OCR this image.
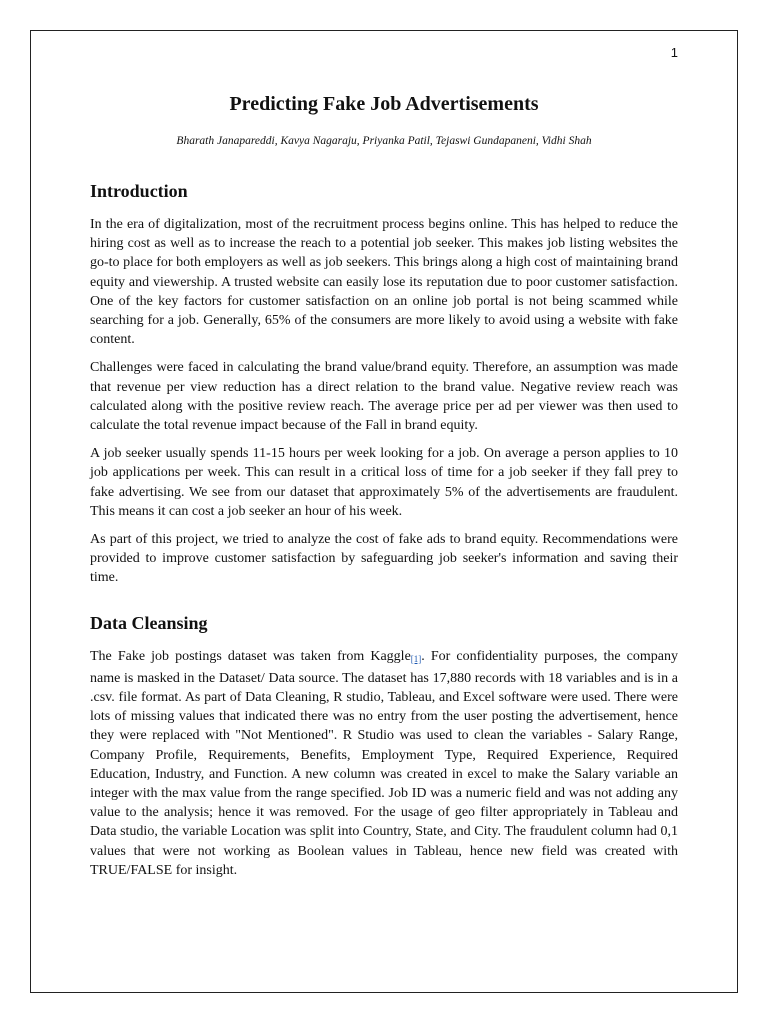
1
Predicting Fake Job Advertisements
Bharath Janapareddi, Kavya Nagaraju, Priyanka Patil, Tejaswi Gundapaneni, Vidhi Shah
Introduction

In the era of digitalization, most of the recruitment process begins online. This has helped to reduce the hiring cost as well as to increase the reach to a potential job seeker. This makes job listing websites the go-to place for both employers as well as job seekers. This brings along a high cost of maintaining brand equity and viewership. A trusted website can easily lose its reputation due to poor customer satisfaction. One of the key factors for customer satisfaction on an online job portal is not being scammed while searching for a job. Generally, 65% of the consumers are more likely to avoid using a website with fake content.

Challenges were faced in calculating the brand value/brand equity. Therefore, an assumption was made that revenue per view reduction has a direct relation to the brand value. Negative review reach was calculated along with the positive review reach. The average price per ad per viewer was then used to calculate the total revenue impact because of the Fall in brand equity.

A job seeker usually spends 11-15 hours per week looking for a job. On average a person applies to 10 job applications per week. This can result in a critical loss of time for a job seeker if they fall prey to fake advertising. We see from our dataset that approximately 5% of the advertisements are fraudulent. This means it can cost a job seeker an hour of his week.

As part of this project, we tried to analyze the cost of fake ads to brand equity. Recommendations were provided to improve customer satisfaction by safeguarding job seeker's information and saving their time.

Data Cleansing

The Fake job postings dataset was taken from Kaggle[1]. For confidentiality purposes, the company name is masked in the Dataset/ Data source. The dataset has 17,880 records with 18 variables and is in a .csv. file format. As part of Data Cleaning, R studio, Tableau, and Excel software were used. There were lots of missing values that indicated there was no entry from the user posting the advertisement, hence they were replaced with "Not Mentioned". R Studio was used to clean the variables - Salary Range, Company Profile, Requirements, Benefits, Employment Type, Required Experience, Required Education, Industry, and Function. A new column was created in excel to make the Salary variable an integer with the max value from the range specified. Job ID was a numeric field and was not adding any value to the analysis; hence it was removed. For the usage of geo filter appropriately in Tableau and Data studio, the variable Location was split into Country, State, and City. The fraudulent column had 0,1 values that were not working as Boolean values in Tableau, hence new field was created with TRUE/FALSE for insight.
